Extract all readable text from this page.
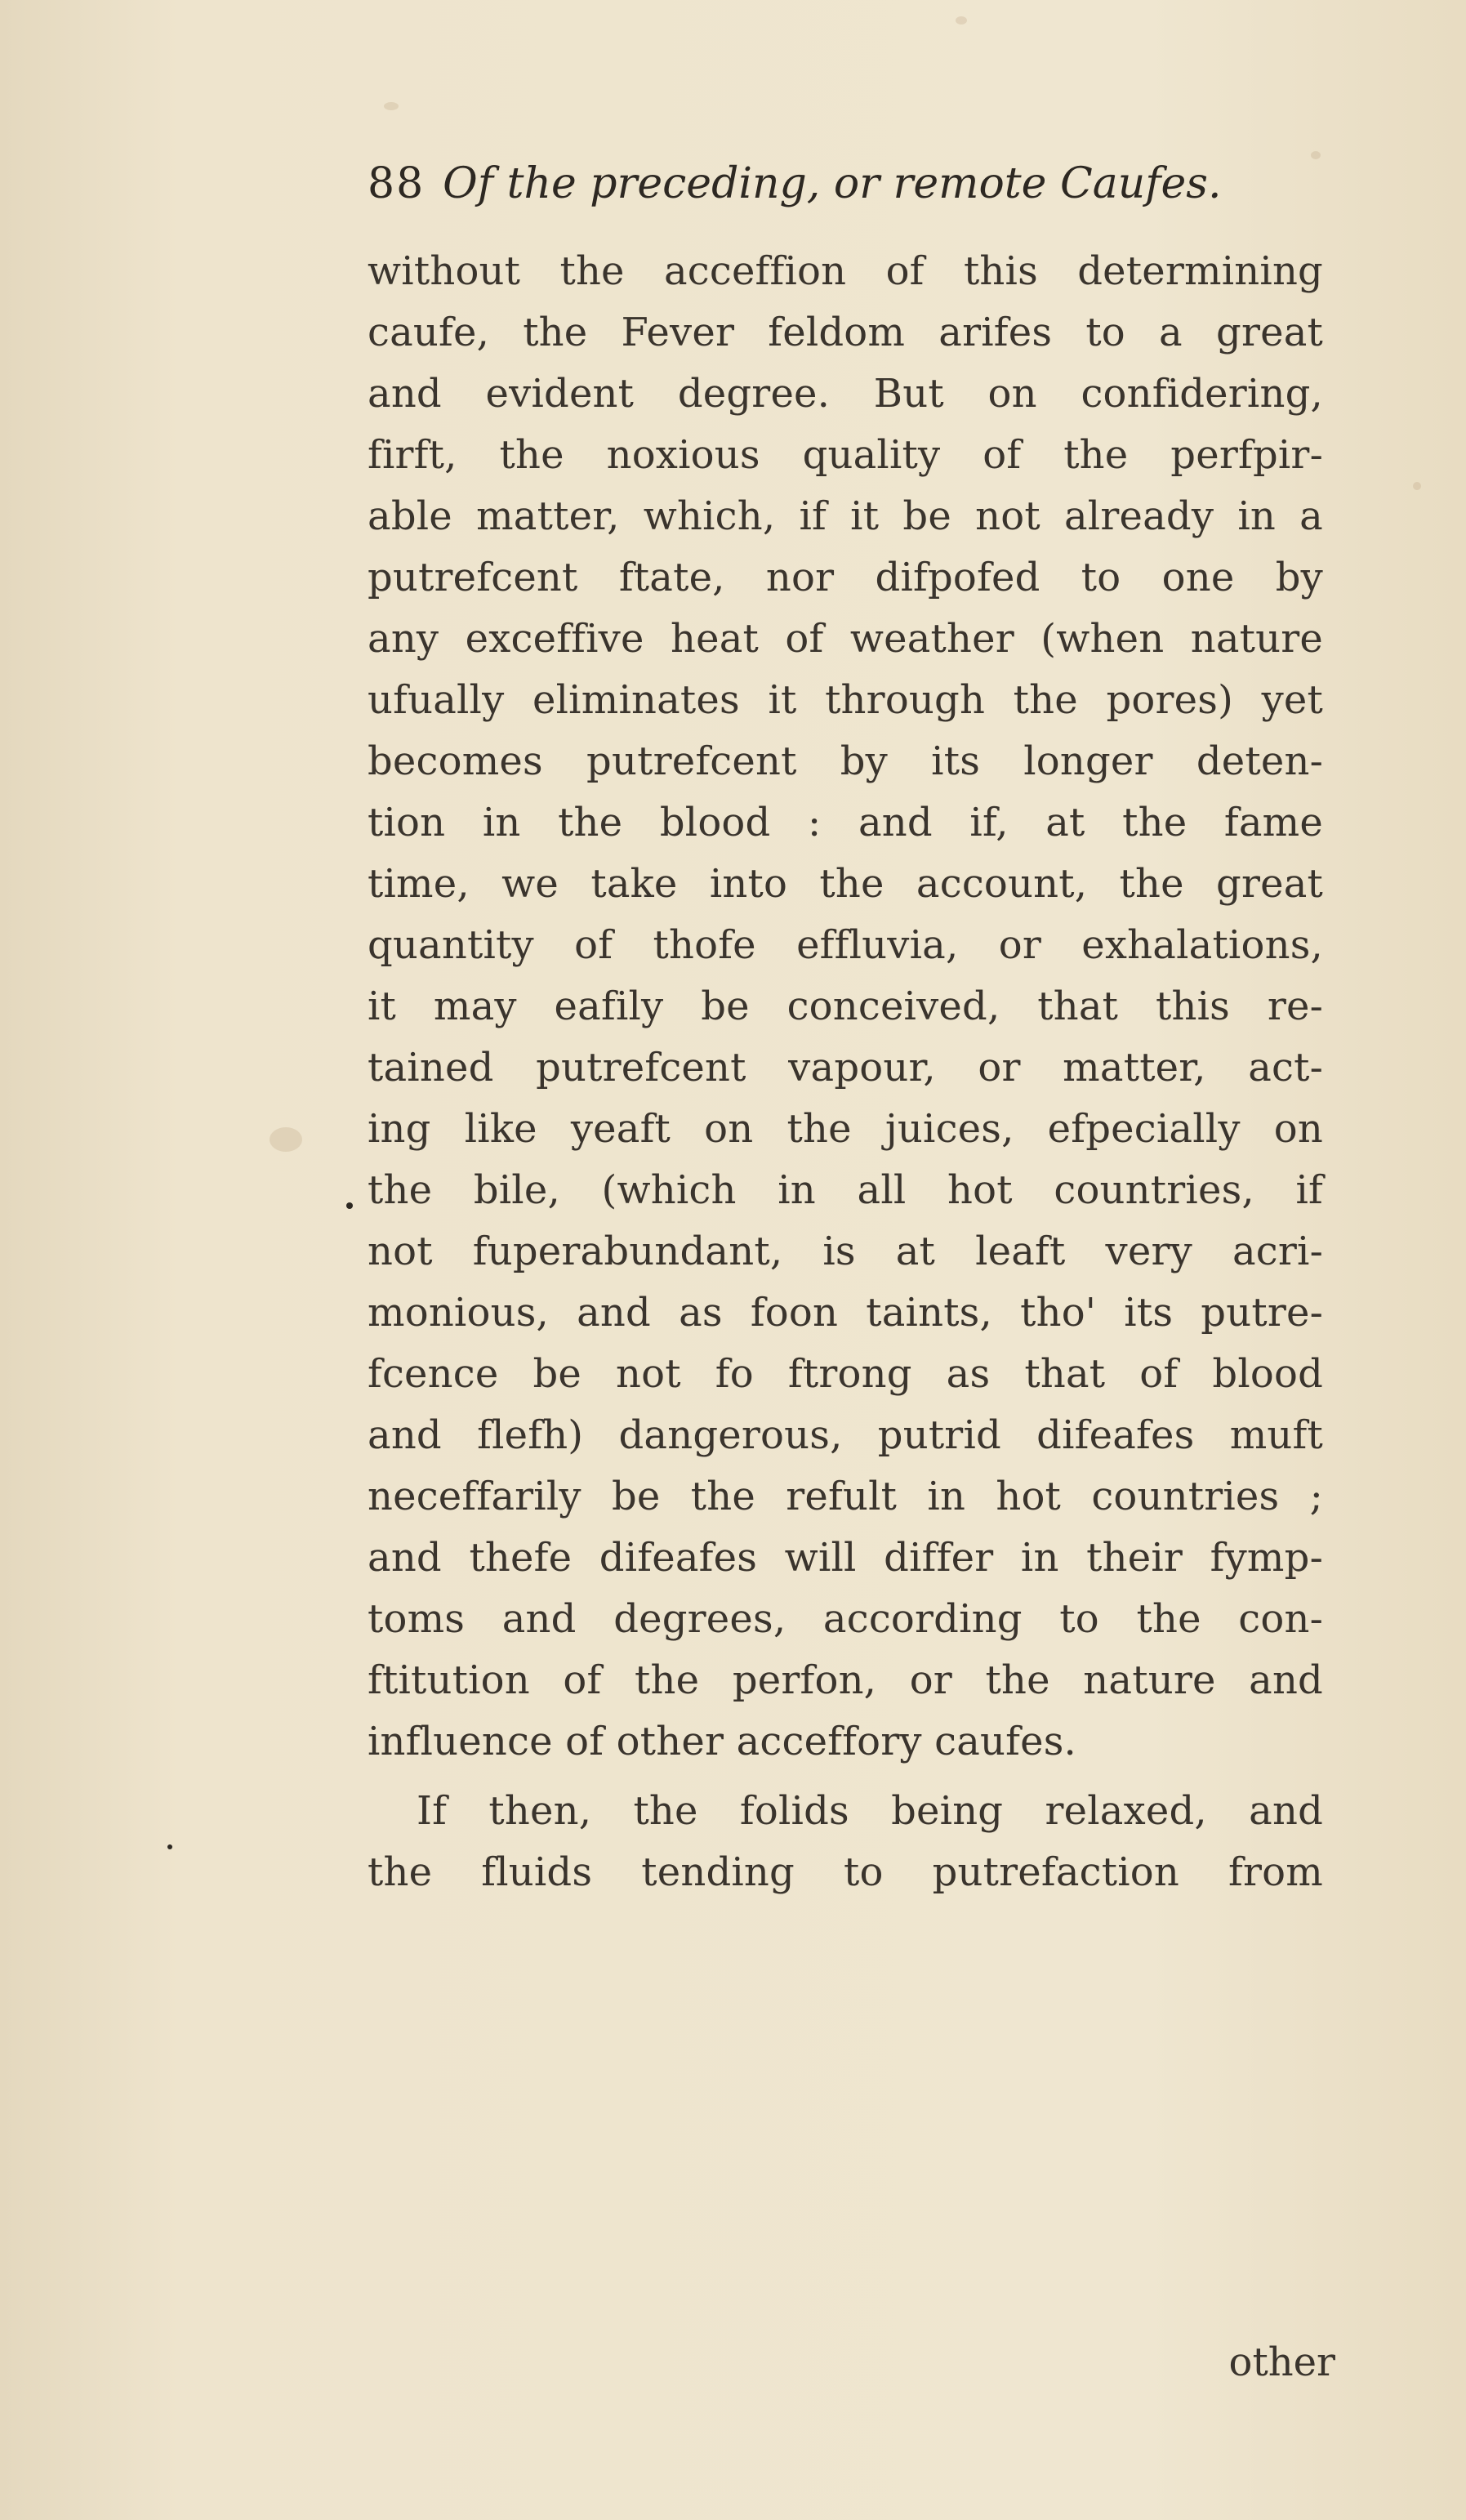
88 Of the preceding, or remote Caufes.
without the acceffion of this determining
caufe, the Fever feldom arifes to a great
and evident degree. But on confidering,
firft, the noxious quality of the perfpir-
able matter, which, if it be not already in a
putrefcent ftate, nor difpofed to one by
any exceffive heat of weather (when nature
ufually eliminates it through the pores) yet
becomes putrefcent by its longer deten-
tion in the blood : and if, at the fame
time, we take into the account, the great
quantity of thofe effluvia, or exhalations,
it may eafily be conceived, that this re-
tained putrefcent vapour, or matter, act-
ing like yeaft on the juices, efpecially on
the bile, (which in all hot countries, if
not fuperabundant, is at leaft very acri-
monious, and as foon taints, tho' its putre-
fcence be not fo ftrong as that of blood
and flefh) dangerous, putrid difeafes muft
neceffarily be the refult in hot countries ;
and thefe difeafes will differ in their fymp-
toms and degrees, according to the con-
ftitution of the perfon, or the nature and
influence of other acceffory caufes.
If then, the folids being relaxed, and
the fluids tending to putrefaction from
other
